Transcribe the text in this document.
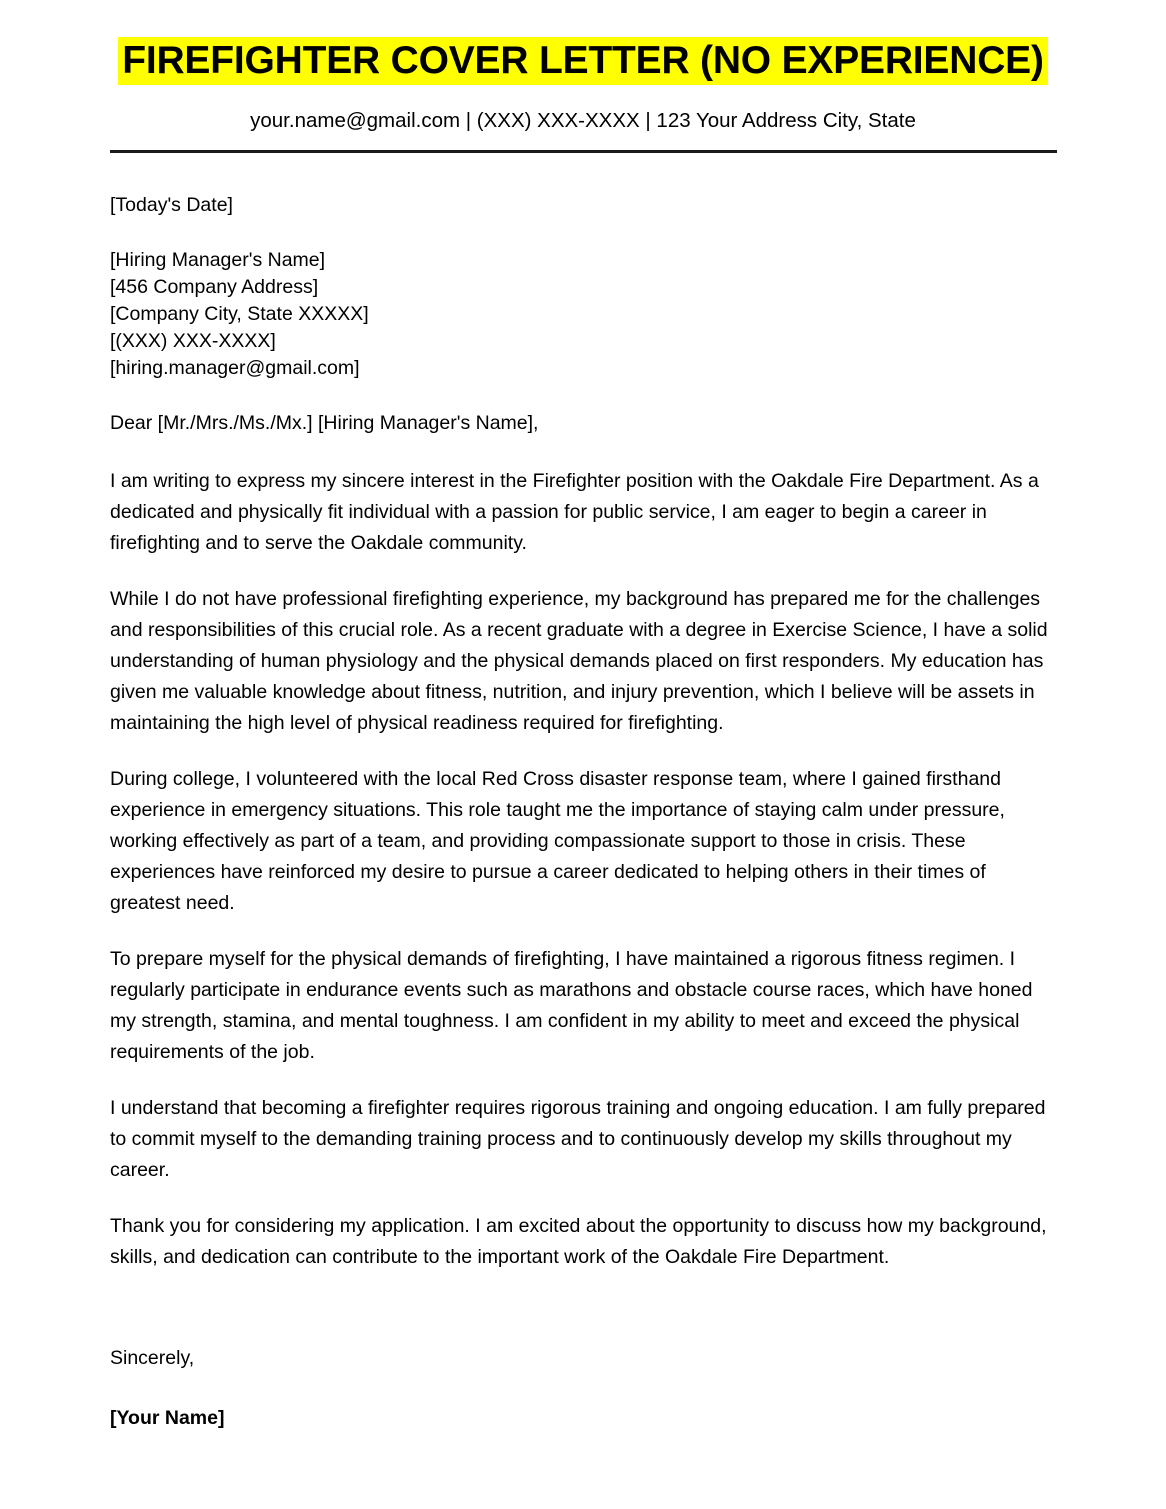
FIREFIGHTER COVER LETTER (NO EXPERIENCE)

your.name@gmail.com | (XXX) XXX-XXXX | 123 Your Address City, State

[Today's Date]

[Hiring Manager's Name]
[456 Company Address]
[Company City, State XXXXX]
[(XXX) XXX-XXXX]
[hiring.manager@gmail.com]

Dear [Mr./Mrs./Ms./Mx.] [Hiring Manager's Name],

I am writing to express my sincere interest in the Firefighter position with the Oakdale Fire Department. As a dedicated and physically fit individual with a passion for public service, I am eager to begin a career in firefighting and to serve the Oakdale community.

While I do not have professional firefighting experience, my background has prepared me for the challenges and responsibilities of this crucial role. As a recent graduate with a degree in Exercise Science, I have a solid understanding of human physiology and the physical demands placed on first responders. My education has given me valuable knowledge about fitness, nutrition, and injury prevention, which I believe will be assets in maintaining the high level of physical readiness required for firefighting.

During college, I volunteered with the local Red Cross disaster response team, where I gained firsthand experience in emergency situations. This role taught me the importance of staying calm under pressure, working effectively as part of a team, and providing compassionate support to those in crisis. These experiences have reinforced my desire to pursue a career dedicated to helping others in their times of greatest need.

To prepare myself for the physical demands of firefighting, I have maintained a rigorous fitness regimen. I regularly participate in endurance events such as marathons and obstacle course races, which have honed my strength, stamina, and mental toughness. I am confident in my ability to meet and exceed the physical requirements of the job.

I understand that becoming a firefighter requires rigorous training and ongoing education. I am fully prepared to commit myself to the demanding training process and to continuously develop my skills throughout my career.

Thank you for considering my application. I am excited about the opportunity to discuss how my background, skills, and dedication can contribute to the important work of the Oakdale Fire Department.

Sincerely,

[Your Name]
